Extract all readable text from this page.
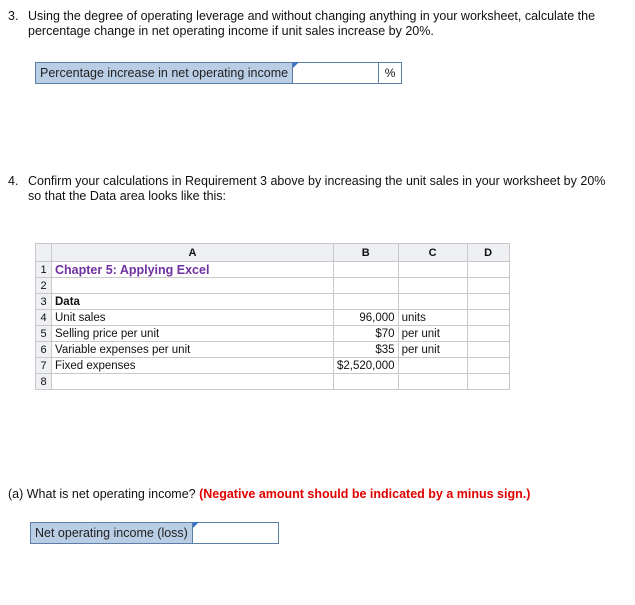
3. Using the degree of operating leverage and without changing anything in your worksheet, calculate the
percentage change in net operating income if unit sales increase by 20%.
Percentage increase in net operating income	%
4. Confirm your calculations in Requirement 3 above by increasing the unit sales in your worksheet by 20%
so that the Data area looks like this:
	A	B	C	D
1	Chapter 5: Applying Excel			
2				
3	Data			
4	Unit sales	96,000	units	
5	Selling price per unit	$70	per unit	
6	Variable expenses per unit	$35	per unit	
7	Fixed expenses	$2,520,000		
8				
(a) What is net operating income? (Negative amount should be indicated by a minus sign.)
Net operating income (loss)
